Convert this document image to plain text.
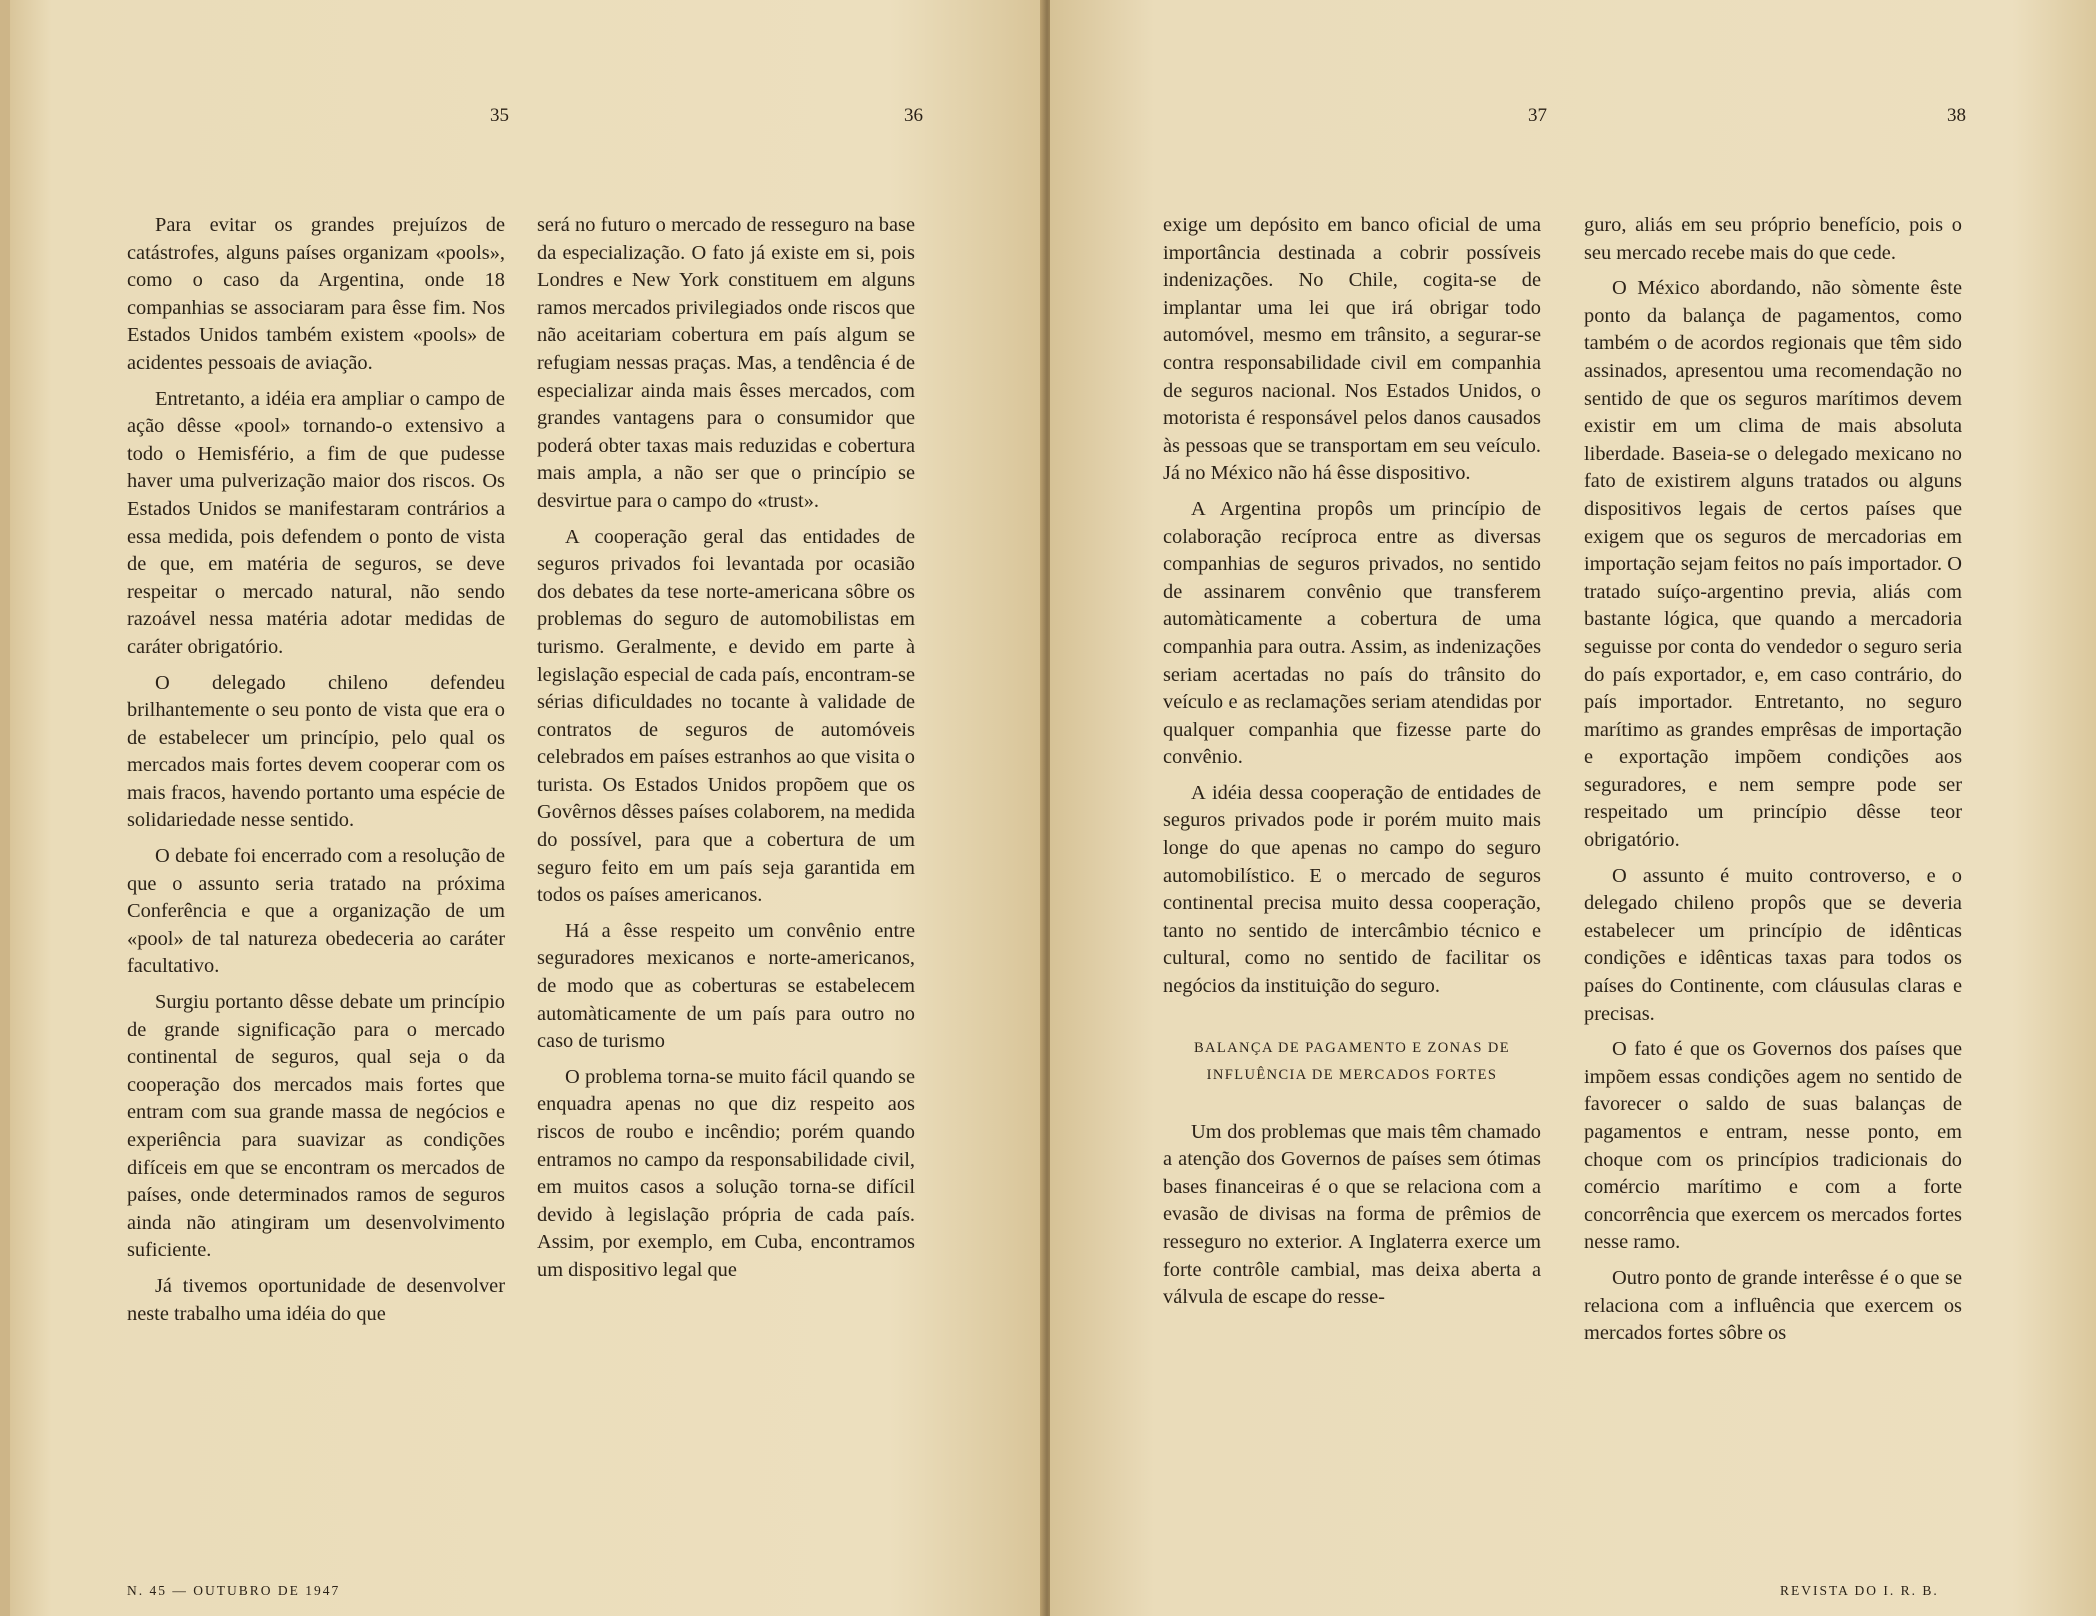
35	36

Para evitar os grandes prejuízos de catástrofes, alguns países organizam «pools», como o caso da Argentina, onde 18 companhias se associaram para êsse fim. Nos Estados Unidos também existem «pools» de acidentes pessoais de aviação.

Entretanto, a idéia era ampliar o campo de ação dêsse «pool» tornando-o extensivo a todo o Hemisfério, a fim de que pudesse haver uma pulverização maior dos riscos. Os Estados Unidos se manifestaram contrários a essa medida, pois defendem o ponto de vista de que, em matéria de seguros, se deve respeitar o mercado natural, não sendo razoável nessa matéria adotar medidas de caráter obrigatório.

O delegado chileno defendeu brilhantemente o seu ponto de vista que era o de estabelecer um princípio, pelo qual os mercados mais fortes devem cooperar com os mais fracos, havendo portanto uma espécie de solidariedade nesse sentido.

O debate foi encerrado com a resolução de que o assunto seria tratado na próxima Conferência e que a organização de um «pool» de tal natureza obedeceria ao caráter facultativo.

Surgiu portanto dêsse debate um princípio de grande significação para o mercado continental de seguros, qual seja o da cooperação dos mercados mais fortes que entram com sua grande massa de negócios e experiência para suavizar as condições difíceis em que se encontram os mercados de países, onde determinados ramos de seguros ainda não atingiram um desenvolvimento suficiente.

Já tivemos oportunidade de desenvolver neste trabalho uma idéia do que

será no futuro o mercado de resseguro na base da especialização. O fato já existe em si, pois Londres e New York constituem em alguns ramos mercados privilegiados onde riscos que não aceitariam cobertura em país algum se refugiam nessas praças. Mas, a tendência é de especializar ainda mais êsses mercados, com grandes vantagens para o consumidor que poderá obter taxas mais reduzidas e cobertura mais ampla, a não ser que o princípio se desvirtue para o campo do «trust».

A cooperação geral das entidades de seguros privados foi levantada por ocasião dos debates da tese norte-americana sôbre os problemas do seguro de automobilistas em turismo. Geralmente, e devido em parte à legislação especial de cada país, encontram-se sérias dificuldades no tocante à validade de contratos de seguros de automóveis celebrados em países estranhos ao que visita o turista. Os Estados Unidos propõem que os Govêrnos dêsses países colaborem, na medida do possível, para que a cobertura de um seguro feito em um país seja garantida em todos os países americanos.

Há a êsse respeito um convênio entre seguradores mexicanos e norte-americanos, de modo que as coberturas se estabelecem automàticamente de um país para outro no caso de turismo

O problema torna-se muito fácil quando se enquadra apenas no que diz respeito aos riscos de roubo e incêndio; porém quando entramos no campo da responsabilidade civil, em muitos casos a solução torna-se difícil devido à legislação própria de cada país. Assim, por exemplo, em Cuba, encontramos um dispositivo legal que

N. 45 — OUTUBRO DE 1947
37	38

exige um depósito em banco oficial de uma importância destinada a cobrir possíveis indenizações. No Chile, cogita-se de implantar uma lei que irá obrigar todo automóvel, mesmo em trânsito, a segurar-se contra responsabilidade civil em companhia de seguros nacional. Nos Estados Unidos, o motorista é responsável pelos danos causados às pessoas que se transportam em seu veículo. Já no México não há êsse dispositivo.

A Argentina propôs um princípio de colaboração recíproca entre as diversas companhias de seguros privados, no sentido de assinarem convênio que transferem automàticamente a cobertura de uma companhia para outra. Assim, as indenizações seriam acertadas no país do trânsito do veículo e as reclamações seriam atendidas por qualquer companhia que fizesse parte do convênio.

A idéia dessa cooperação de entidades de seguros privados pode ir porém muito mais longe do que apenas no campo do seguro automobilístico. E o mercado de seguros continental precisa muito dessa cooperação, tanto no sentido de intercâmbio técnico e cultural, como no sentido de facilitar os negócios da instituição do seguro.

BALANÇA DE PAGAMENTO E ZONAS DE INFLUÊNCIA DE MERCADOS FORTES

Um dos problemas que mais têm chamado a atenção dos Governos de países sem ótimas bases financeiras é o que se relaciona com a evasão de divisas na forma de prêmios de resseguro no exterior. A Inglaterra exerce um forte contrôle cambial, mas deixa aberta a válvula de escape do resse-

guro, aliás em seu próprio benefício, pois o seu mercado recebe mais do que cede.

O México abordando, não sòmente êste ponto da balança de pagamentos, como também o de acordos regionais que têm sido assinados, apresentou uma recomendação no sentido de que os seguros marítimos devem existir em um clima de mais absoluta liberdade. Baseia-se o delegado mexicano no fato de existirem alguns tratados ou alguns dispositivos legais de certos países que exigem que os seguros de mercadorias em importação sejam feitos no país importador. O tratado suíço-argentino previa, aliás com bastante lógica, que quando a mercadoria seguisse por conta do vendedor o seguro seria do país exportador, e, em caso contrário, do país importador. Entretanto, no seguro marítimo as grandes emprêsas de importação e exportação impõem condições aos seguradores, e nem sempre pode ser respeitado um princípio dêsse teor obrigatório.

O assunto é muito controverso, e o delegado chileno propôs que se deveria estabelecer um princípio de idênticas condições e idênticas taxas para todos os países do Continente, com cláusulas claras e precisas.

O fato é que os Governos dos países que impõem essas condições agem no sentido de favorecer o saldo de suas balanças de pagamentos e entram, nesse ponto, em choque com os princípios tradicionais do comércio marítimo e com a forte concorrência que exercem os mercados fortes nesse ramo.

Outro ponto de grande interêsse é o que se relaciona com a influência que exercem os mercados fortes sôbre os

REVISTA DO I. R. B.
